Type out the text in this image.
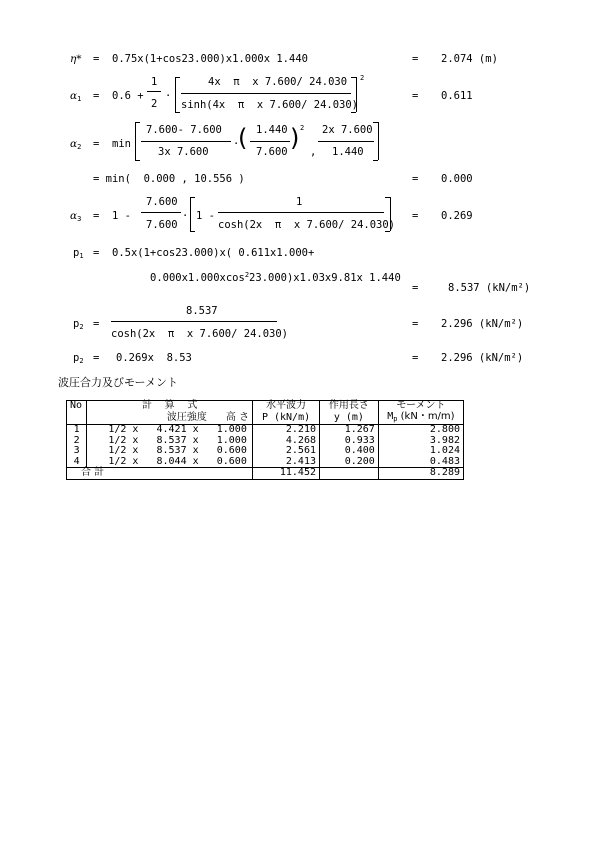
η* = 0.75x(1+cos23.000)x1.000x 1.440	= 2.074 (m)
$\alpha_1 = 0.6$ +
1
2
·
4x  π  x 7.600/ 24.030
sinh(4x  π  x 7.600/ 24.030)
2
= 0.611
$\alpha_2 = \min$
7.600- 7.600
3x 7.600
·
( 1.440
7.600 ) 2
,
2x 7.600
1.440
= min(  0.000 , 10.556 )	= 0.000
$\alpha_3 = 1$ -
7.600
7.600
· 1 -
1
cosh(2x  π  x 7.600/ 24.030)
= 0.269
$p_1 = 0.5x(1+\cos 23.000)x$( 0.611x1.000+
0.000x1.000xcos$^2$23.000)x1.03x9.81x 1.440
=	8.537 (kN/m²)
$p_2$ =
8.537
cosh(2x  π  x 7.600/ 24.030)
= 2.296 (kN/m²)
$p_2 = 0.269x$  8.53	= 2.296 (kN/m²)
波圧合力及びモーメント
No	計    算    式	水平波力	作用長さ	モーメント
	波圧強度 高 さ	P (kN/m)	y (m)	$M_p$ (kN・m/m)
1	1/2 x 4.421 x 1.000	2.210	1.267	2.800
2	1/2 x 8.537 x 1.000	4.268	0.933	3.982
3	1/2 x 8.537 x 0.600	2.561	0.400	1.024
4	1/2 x 8.044 x 0.600	2.413	0.200	0.483
合 計		11.452		8.289
